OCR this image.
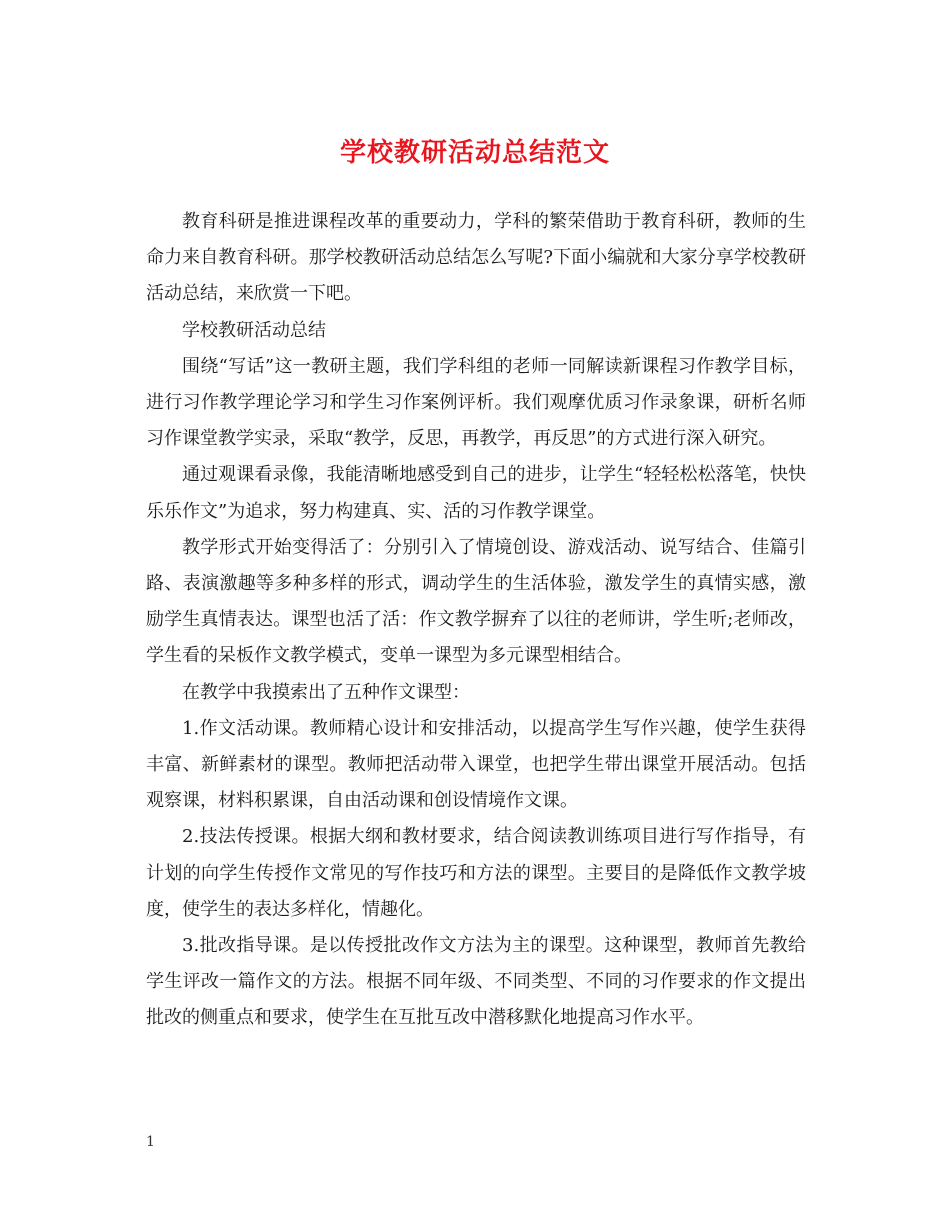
学校教研活动总结范文

教育科研是推进课程改革的重要动力，学科的繁荣借助于教育科研，教师的生命力来自教育科研。那学校教研活动总结怎么写呢?下面小编就和大家分享学校教研活动总结，来欣赏一下吧。

学校教研活动总结

围绕“写话”这一教研主题，我们学科组的老师一同解读新课程习作教学目标，进行习作教学理论学习和学生习作案例评析。我们观摩优质习作录象课，研析名师习作课堂教学实录，采取“教学，反思，再教学，再反思”的方式进行深入研究。

通过观课看录像，我能清晰地感受到自己的进步，让学生“轻轻松松落笔，快快乐乐作文”为追求，努力构建真、实、活的习作教学课堂。

教学形式开始变得活了：分别引入了情境创设、游戏活动、说写结合、佳篇引路、表演激趣等多种多样的形式，调动学生的生活体验，激发学生的真情实感，激励学生真情表达。课型也活了活：作文教学摒弃了以往的老师讲，学生听;老师改，学生看的呆板作文教学模式，变单一课型为多元课型相结合。

在教学中我摸索出了五种作文课型：

1.作文活动课。教师精心设计和安排活动，以提高学生写作兴趣，使学生获得丰富、新鲜素材的课型。教师把活动带入课堂，也把学生带出课堂开展活动。包括观察课，材料积累课，自由活动课和创设情境作文课。

2.技法传授课。根据大纲和教材要求，结合阅读教训练项目进行写作指导，有计划的向学生传授作文常见的写作技巧和方法的课型。主要目的是降低作文教学坡度，使学生的表达多样化，情趣化。

3.批改指导课。是以传授批改作文方法为主的课型。这种课型，教师首先教给学生评改一篇作文的方法。根据不同年级、不同类型、不同的习作要求的作文提出批改的侧重点和要求，使学生在互批互改中潜移默化地提高习作水平。

1
